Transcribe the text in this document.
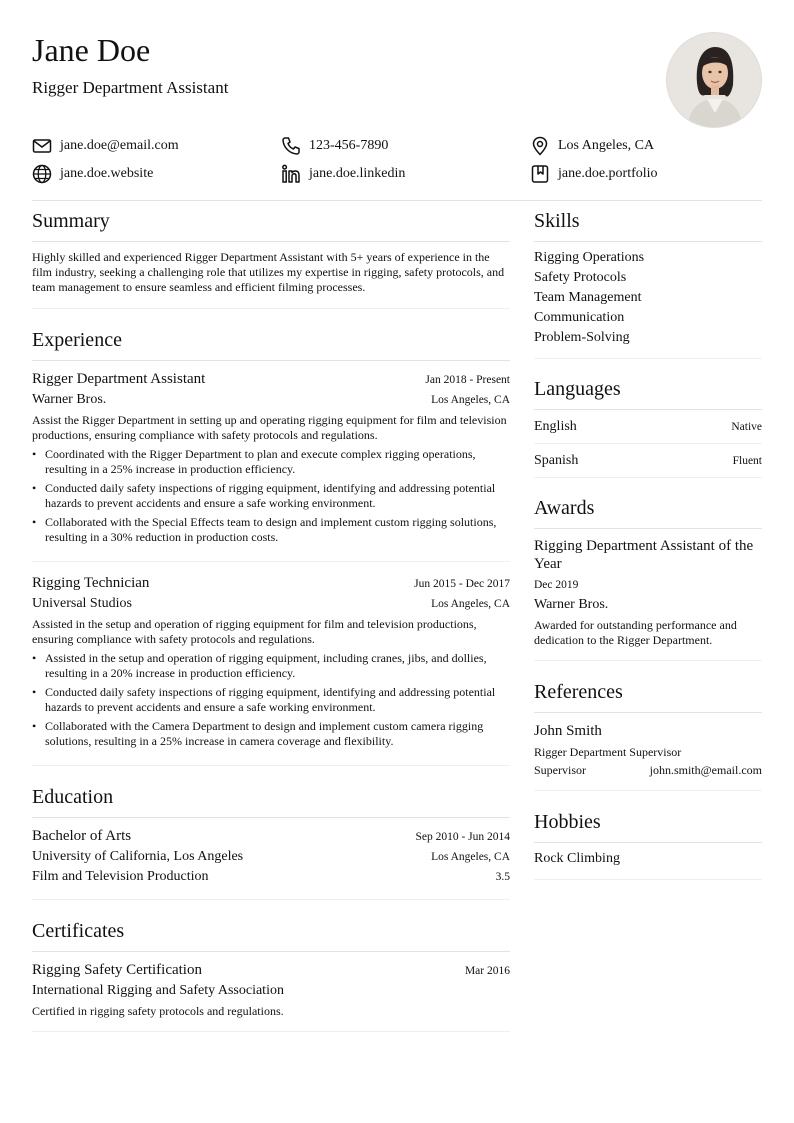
Jane Doe
Rigger Department Assistant
jane.doe@email.com	123-456-7890	Los Angeles, CA
jane.doe.website	jane.doe.linkedin	jane.doe.portfolio
Summary
Highly skilled and experienced Rigger Department Assistant with 5+ years of experience in the film industry, seeking a challenging role that utilizes my expertise in rigging, safety protocols, and team management to ensure seamless and efficient filming processes.
Experience
Rigger Department Assistant	Jan 2018 - Present
Warner Bros.	Los Angeles, CA
Assist the Rigger Department in setting up and operating rigging equipment for film and television productions, ensuring compliance with safety protocols and regulations.
• Coordinated with the Rigger Department to plan and execute complex rigging operations, resulting in a 25% increase in production efficiency.
• Conducted daily safety inspections of rigging equipment, identifying and addressing potential hazards to prevent accidents and ensure a safe working environment.
• Collaborated with the Special Effects team to design and implement custom rigging solutions, resulting in a 30% reduction in production costs.
Rigging Technician	Jun 2015 - Dec 2017
Universal Studios	Los Angeles, CA
Assisted in the setup and operation of rigging equipment for film and television productions, ensuring compliance with safety protocols and regulations.
• Assisted in the setup and operation of rigging equipment, including cranes, jibs, and dollies, resulting in a 20% increase in production efficiency.
• Conducted daily safety inspections of rigging equipment, identifying and addressing potential hazards to prevent accidents and ensure a safe working environment.
• Collaborated with the Camera Department to design and implement custom camera rigging solutions, resulting in a 25% increase in camera coverage and flexibility.
Education
Bachelor of Arts	Sep 2010 - Jun 2014
University of California, Los Angeles	Los Angeles, CA
Film and Television Production	3.5
Certificates
Rigging Safety Certification	Mar 2016
International Rigging and Safety Association
Certified in rigging safety protocols and regulations.
Skills
Rigging Operations
Safety Protocols
Team Management
Communication
Problem-Solving
Languages
English	Native
Spanish	Fluent
Awards
Rigging Department Assistant of the Year
Dec 2019
Warner Bros.
Awarded for outstanding performance and dedication to the Rigger Department.
References
John Smith
Rigger Department Supervisor
Supervisor	john.smith@email.com
Hobbies
Rock Climbing
